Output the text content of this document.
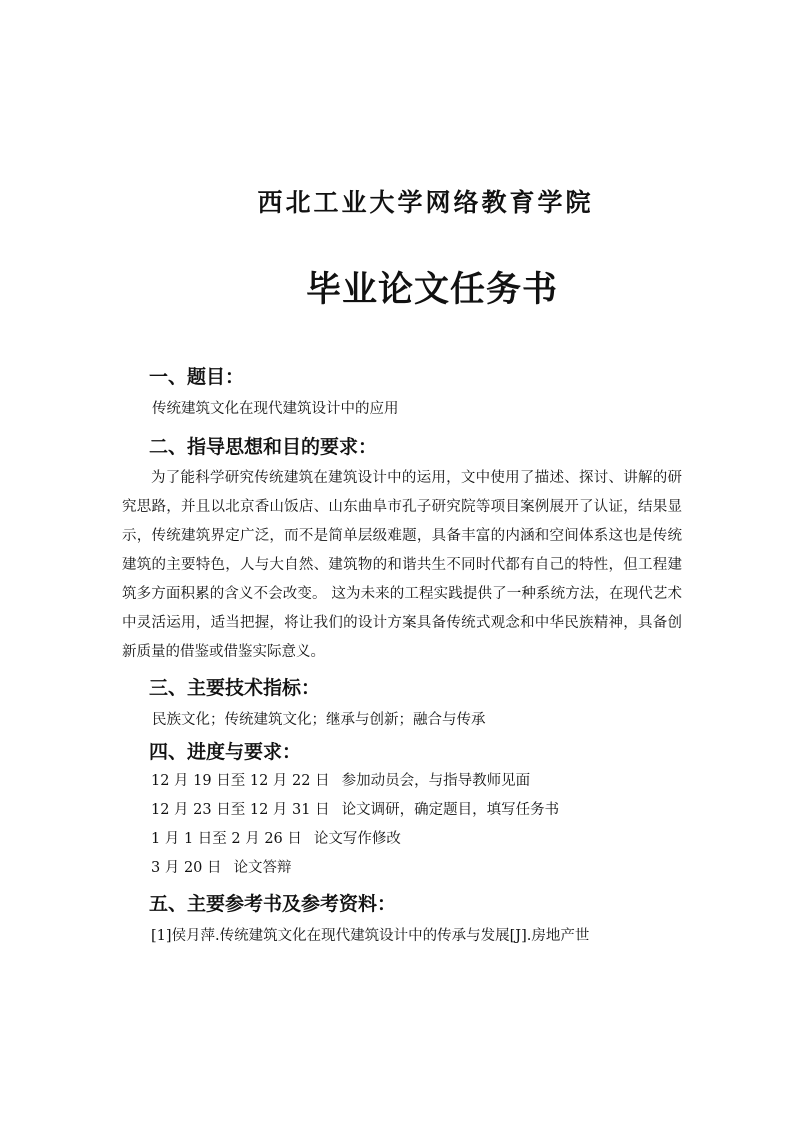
西北工业大学网络教育学院
毕业论文任务书
一、题目：
传统建筑文化在现代建筑设计中的应用
二、指导思想和目的要求：
为了能科学研究传统建筑在建筑设计中的运用，文中使用了描述、探讨、讲解的研究思路，并且以北京香山饭店、山东曲阜市孔子研究院等项目案例展开了认证，结果显示，传统建筑界定广泛，而不是简单层级难题，具备丰富的内涵和空间体系这也是传统建筑的主要特色，人与大自然、建筑物的和谐共生不同时代都有自己的特性，但工程建筑多方面积累的含义不会改变。 这为未来的工程实践提供了一种系统方法，在现代艺术中灵活运用，适当把握，将让我们的设计方案具备传统式观念和中华民族精神，具备创新质量的借鉴或借鉴实际意义。
三、主要技术指标：
民族文化；传统建筑文化；继承与创新；融合与传承
四、进度与要求：
12 月 19 日至 12 月 22 日 参加动员会，与指导教师见面
12 月 23 日至 12 月 31 日 论文调研，确定题目，填写任务书
1 月 1 日至 2 月 26 日 论文写作修改
3 月 20 日 论文答辩
五、主要参考书及参考资料：
[1]侯月萍.传统建筑文化在现代建筑设计中的传承与发展[J].房地产世
